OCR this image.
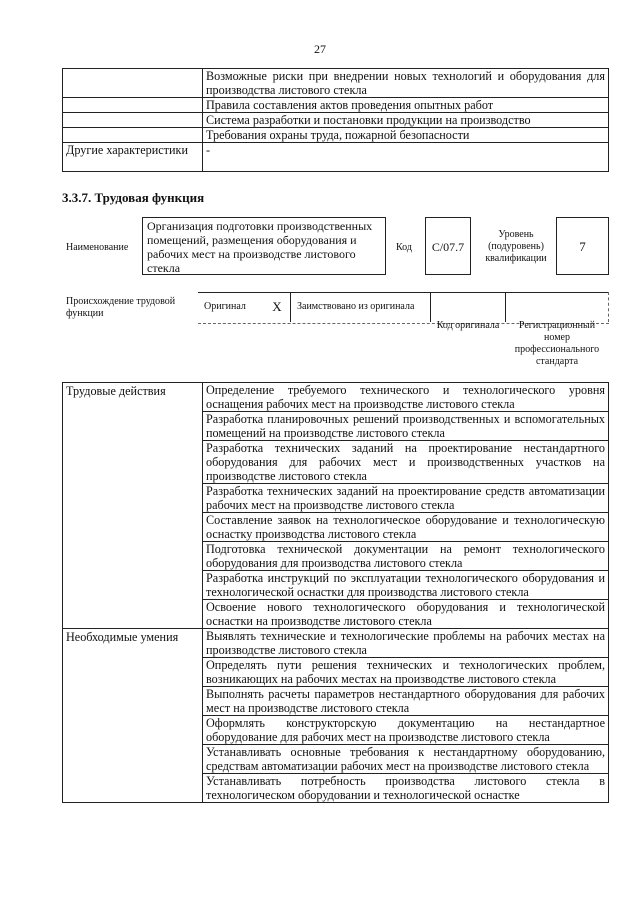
27
	Возможные риски при внедрении новых технологий и оборудования для производства листового стекла
	Правила составления актов проведения опытных работ
	Система разработки и постановки продукции на производство
	Требования охраны труда, пожарной безопасности
Другие характеристики	-
3.3.7. Трудовая функция
Наименование
Организация подготовки производственных помещений, размещения оборудования и рабочих мест на производстве листового стекла
Код	С/07.7
Уровень (подуровень) квалификации
7
Происхождение трудовой функции
Оригинал	X	Заимствовано из оригинала
Код оригинала	Регистрационный номер профессионального стандарта
Трудовые действия	Определение требуемого технического и технологического уровня оснащения рабочих мест на производстве листового стекла
	Разработка планировочных решений производственных и вспомогательных помещений на производстве листового стекла
	Разработка технических заданий на проектирование нестандартного оборудования для рабочих мест и производственных участков на производстве листового стекла
	Разработка технических заданий на проектирование средств автоматизации рабочих мест на производстве листового стекла
	Составление заявок на технологическое оборудование и технологическую оснастку производства листового стекла
	Подготовка технической документации на ремонт технологического оборудования для производства листового стекла
	Разработка инструкций по эксплуатации технологического оборудования и технологической оснастки для производства листового стекла
	Освоение нового технологического оборудования и технологической оснастки на производстве листового стекла

Необходимые умения	Выявлять технические и технологические проблемы на рабочих местах на производстве листового стекла
	Определять пути решения технических и технологических проблем, возникающих на рабочих местах на производстве листового стекла
	Выполнять расчеты параметров нестандартного оборудования для рабочих мест на производстве листового стекла
	Оформлять конструкторскую документацию на нестандартное оборудование для рабочих мест на производстве листового стекла
	Устанавливать основные требования к нестандартному оборудованию, средствам автоматизации рабочих мест на производстве листового стекла
	Устанавливать потребность производства листового стекла в технологическом оборудовании и технологической оснастке
